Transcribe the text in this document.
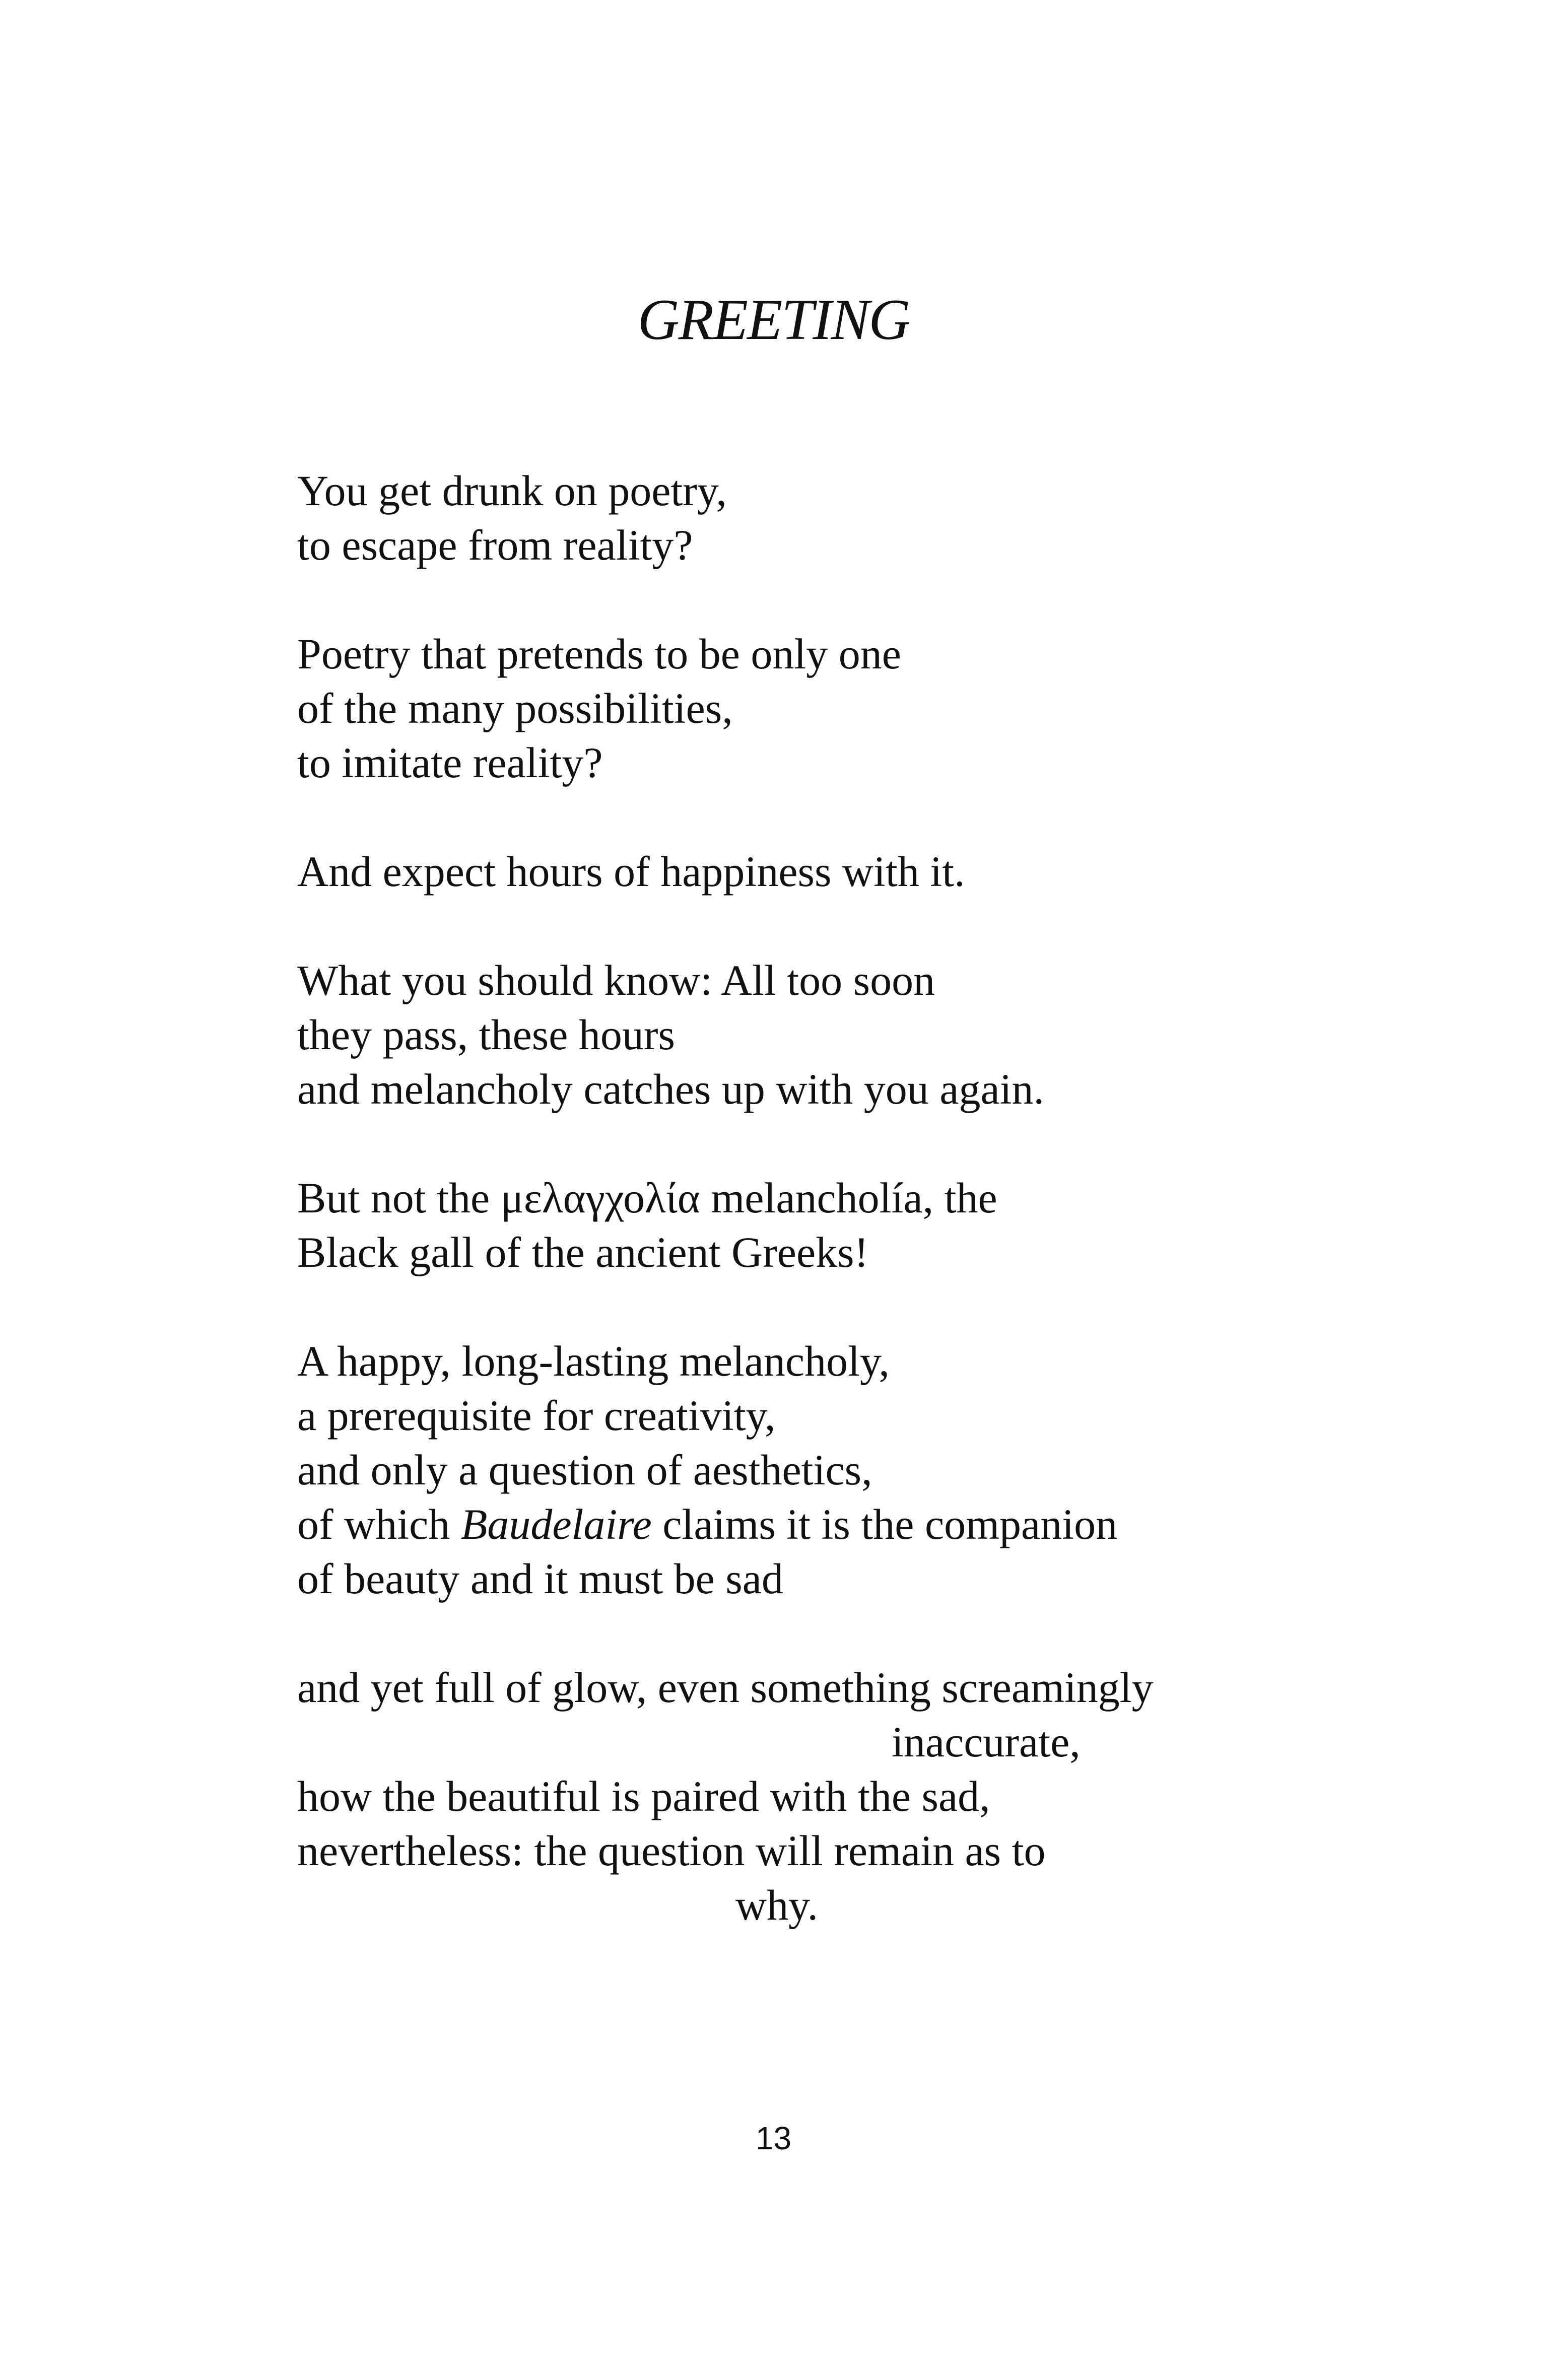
GREETING
You get drunk on poetry,
to escape from reality?
Poetry that pretends to be only one
of the many possibilities,
to imitate reality?
And expect hours of happiness with it.
What you should know: All too soon
they pass, these hours
and melancholy catches up with you again.
But not the μελαγχολία melancholía, the
Black gall of the ancient Greeks!
A happy, long-lasting melancholy,
a prerequisite for creativity,
and only a question of aesthetics,
of which Baudelaire claims it is the companion
of beauty and it must be sad
and yet full of glow, even something screamingly
inaccurate,
how the beautiful is paired with the sad,
nevertheless: the question will remain as to
why.
13
